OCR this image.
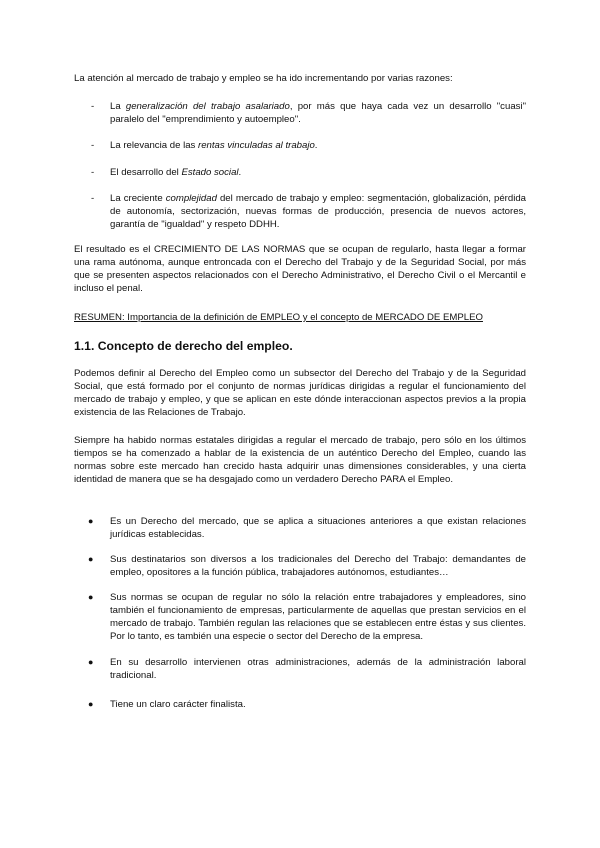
La atención al mercado de trabajo y empleo se ha ido incrementando por varias razones:

- La generalización del trabajo asalariado, por más que haya cada vez un desarrollo "cuasi" paralelo del "emprendimiento y autoempleo".
- La relevancia de las rentas vinculadas al trabajo.
- El desarrollo del Estado social.
- La creciente complejidad del mercado de trabajo y empleo: segmentación, globalización, pérdida de autonomía, sectorización, nuevas formas de producción, presencia de nuevos actores, garantía de "igualdad" y respeto DDHH.

El resultado es el CRECIMIENTO DE LAS NORMAS que se ocupan de regularlo, hasta llegar a formar una rama autónoma, aunque entroncada con el Derecho del Trabajo y de la Seguridad Social, por más que se presenten aspectos relacionados con el Derecho Administrativo, el Derecho Civil o el Mercantil e incluso el penal.

RESUMEN: Importancia de la definición de EMPLEO y el concepto de MERCADO DE EMPLEO

1.1. Concepto de derecho del empleo.

Podemos definir al Derecho del Empleo como un subsector del Derecho del Trabajo y de la Seguridad Social, que está formado por el conjunto de normas jurídicas dirigidas a regular el funcionamiento del mercado de trabajo y empleo, y que se aplican en este dónde interaccionan aspectos previos a la propia existencia de las Relaciones de Trabajo.

Siempre ha habido normas estatales dirigidas a regular el mercado de trabajo, pero sólo en los últimos tiempos se ha comenzado a hablar de la existencia de un auténtico Derecho del Empleo, cuando las normas sobre este mercado han crecido hasta adquirir unas dimensiones considerables, y una cierta identidad de manera que se ha desgajado como un verdadero Derecho PARA el Empleo.

● Es un Derecho del mercado, que se aplica a situaciones anteriores a que existan relaciones jurídicas establecidas.
● Sus destinatarios son diversos a los tradicionales del Derecho del Trabajo: demandantes de empleo, opositores a la función pública, trabajadores autónomos, estudiantes…
● Sus normas se ocupan de regular no sólo la relación entre trabajadores y empleadores, sino también el funcionamiento de empresas, particularmente de aquellas que prestan servicios en el mercado de trabajo. También regulan las relaciones que se establecen entre éstas y sus clientes. Por lo tanto, es también una especie o sector del Derecho de la empresa.
● En su desarrollo intervienen otras administraciones, además de la administración laboral tradicional.
● Tiene un claro carácter finalista.
